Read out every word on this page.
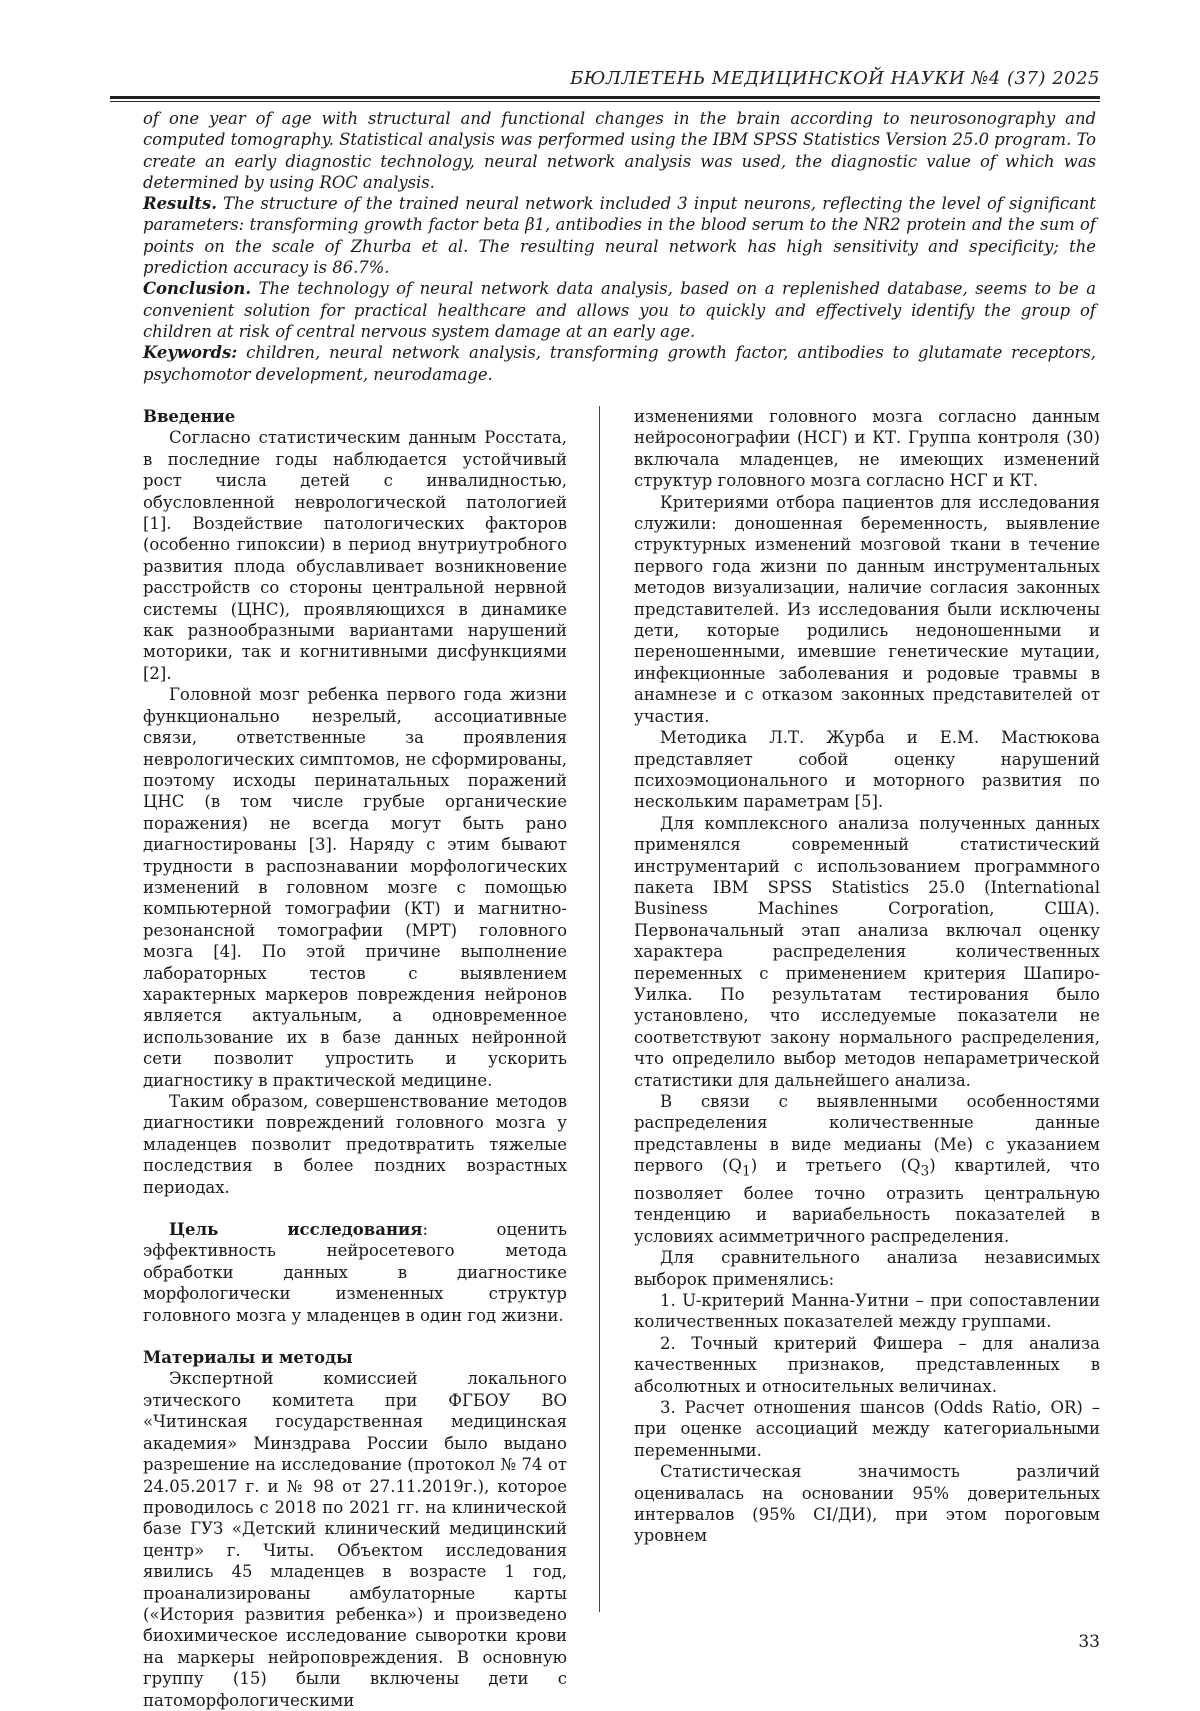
БЮЛЛЕТЕНЬ МЕДИЦИНСКОЙ НАУКИ №4 (37) 2025

of one year of age with structural and functional changes in the brain according to neurosonography and computed tomography. Statistical analysis was performed using the IBM SPSS Statistics Version 25.0 program. To create an early diagnostic technology, neural network analysis was used, the diagnostic value of which was determined by using ROC analysis.

Results. The structure of the trained neural network included 3 input neurons, reflecting the level of significant parameters: transforming growth factor beta β1, antibodies in the blood serum to the NR2 protein and the sum of points on the scale of Zhurba et al. The resulting neural network has high sensitivity and specificity; the prediction accuracy is 86.7%.

Conclusion. The technology of neural network data analysis, based on a replenished database, seems to be a convenient solution for practical healthcare and allows you to quickly and effectively identify the group of children at risk of central nervous system damage at an early age.

Keywords: children, neural network analysis, transforming growth factor, antibodies to glutamate receptors, psychomotor development, neurodamage.

Введение

Согласно статистическим данным Росстата, в последние годы наблюдается устойчивый рост числа детей с инвалидностью, обусловленной неврологической патологией [1]. Воздействие патологических факторов (особенно гипоксии) в период внутриутробного развития плода обуславливает возникновение расстройств со стороны центральной нервной системы (ЦНС), проявляющихся в динамике как разнообразными вариантами нарушений моторики, так и когнитивными дисфункциями [2].

Головной мозг ребенка первого года жизни функционально незрелый, ассоциативные связи, ответственные за проявления неврологических симптомов, не сформированы, поэтому исходы перинатальных поражений ЦНС (в том числе грубые органические поражения) не всегда могут быть рано диагностированы [3]. Наряду с этим бывают трудности в распознавании морфологических изменений в головном мозге с помощью компьютерной томографии (КТ) и магнитно-резонансной томографии (МРТ) головного мозга [4]. По этой причине выполнение лабораторных тестов с выявлением характерных маркеров повреждения нейронов является актуальным, а одновременное использование их в базе данных нейронной сети позволит упростить и ускорить диагностику в практической медицине.

Таким образом, совершенствование методов диагностики повреждений головного мозга у младенцев позволит предотвратить тяжелые последствия в более поздних возрастных периодах.

Цель исследования: оценить эффективность нейросетевого метода обработки данных в диагностике морфологически измененных структур головного мозга у младенцев в один год жизни.

Материалы и методы

Экспертной комиссией локального этического комитета при ФГБОУ ВО «Читинская государственная медицинская академия» Минздрава России было выдано разрешение на исследование (протокол № 74 от 24.05.2017 г. и № 98 от 27.11.2019г.), которое проводилось с 2018 по 2021 гг. на клинической базе ГУЗ «Детский клинический медицинский центр» г. Читы. Объектом исследования явились 45 младенцев в возрасте 1 год, проанализированы амбулаторные карты («История развития ребенка») и произведено биохимическое исследование сыворотки крови на маркеры нейроповреждения. В основную группу (15) были включены дети с патоморфологическими

изменениями головного мозга согласно данным нейросонографии (НСГ) и КТ. Группа контроля (30) включала младенцев, не имеющих изменений структур головного мозга согласно НСГ и КТ.

Критериями отбора пациентов для исследования служили: доношенная беременность, выявление структурных изменений мозговой ткани в течение первого года жизни по данным инструментальных методов визуализации, наличие согласия законных представителей. Из исследования были исключены дети, которые родились недоношенными и переношенными, имевшие генетические мутации, инфекционные заболевания и родовые травмы в анамнезе и с отказом законных представителей от участия.

Методика Л.Т. Журба и Е.М. Мастюкова представляет собой оценку нарушений психоэмоционального и моторного развития по нескольким параметрам [5].

Для комплексного анализа полученных данных применялся современный статистический инструментарий с использованием программного пакета IBM SPSS Statistics 25.0 (International Business Machines Corporation, США). Первоначальный этап анализа включал оценку характера распределения количественных переменных с применением критерия Шапиро-Уилка. По результатам тестирования было установлено, что исследуемые показатели не соответствуют закону нормального распределения, что определило выбор методов непараметрической статистики для дальнейшего анализа.

В связи с выявленными особенностями распределения количественные данные представлены в виде медианы (Me) с указанием первого $(Q_1)$ и третьего $(Q_3)$ квартилей, что позволяет более точно отразить центральную тенденцию и вариабельность показателей в условиях асимметричного распределения.

Для сравнительного анализа независимых выборок применялись:

1. U-критерий Манна-Уитни – при сопоставлении количественных показателей между группами.

2. Точный критерий Фишера – для анализа качественных признаков, представленных в абсолютных и относительных величинах.

3. Расчет отношения шансов (Odds Ratio, OR) – при оценке ассоциаций между категориальными переменными.

Статистическая значимость различий оценивалась на основании 95% доверительных интервалов (95% CI/ДИ), при этом пороговым уровнем

33
